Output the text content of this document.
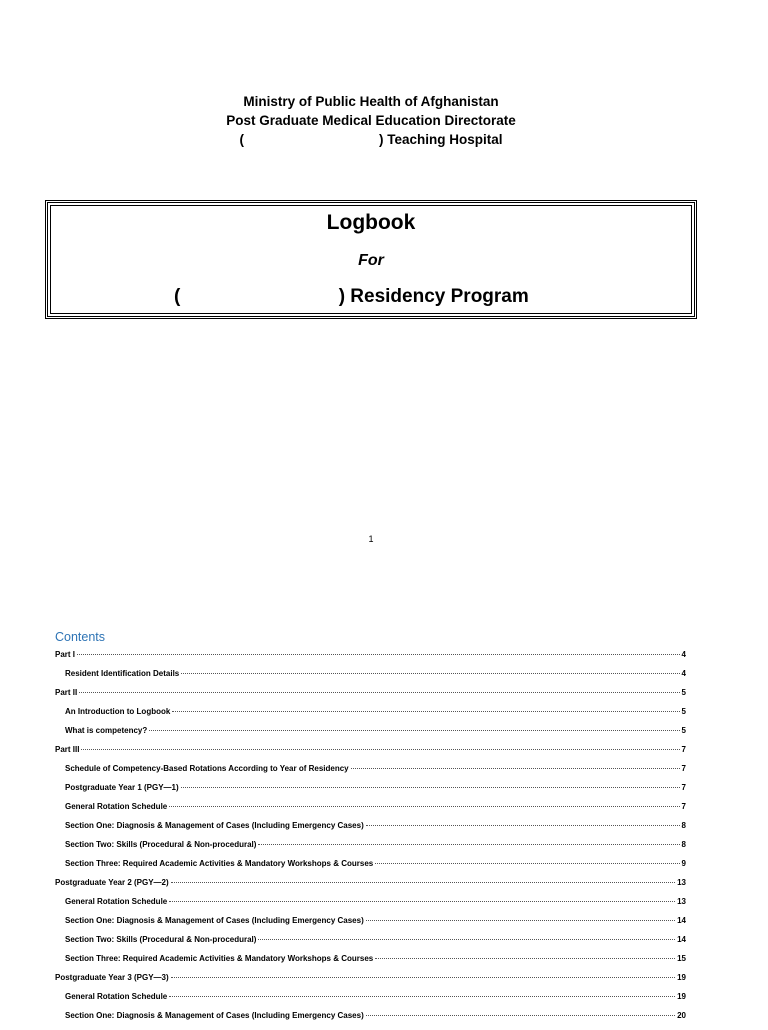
Ministry of Public Health of Afghanistan
Post Graduate Medical Education Directorate
(                                    ) Teaching Hospital
Logbook
For
(                              ) Residency Program
1
Contents
Part I	4
Resident Identification Details	4
Part II	5
An Introduction to Logbook	5
What is competency?	5
Part III	7
Schedule of Competency-Based Rotations According to Year of Residency	7
Postgraduate Year 1 (PGY—1)	7
General Rotation Schedule	7
Section One: Diagnosis & Management of Cases (Including Emergency Cases)	8
Section Two: Skills (Procedural & Non-procedural)	8
Section Three: Required Academic Activities & Mandatory Workshops & Courses	9
Postgraduate Year 2 (PGY—2)	13
General Rotation Schedule	13
Section One: Diagnosis & Management of Cases (Including Emergency Cases)	14
Section Two: Skills (Procedural & Non-procedural)	14
Section Three: Required Academic Activities & Mandatory Workshops & Courses	15
Postgraduate Year 3 (PGY—3)	19
General Rotation Schedule	19
Section One: Diagnosis & Management of Cases (Including Emergency Cases)	20
